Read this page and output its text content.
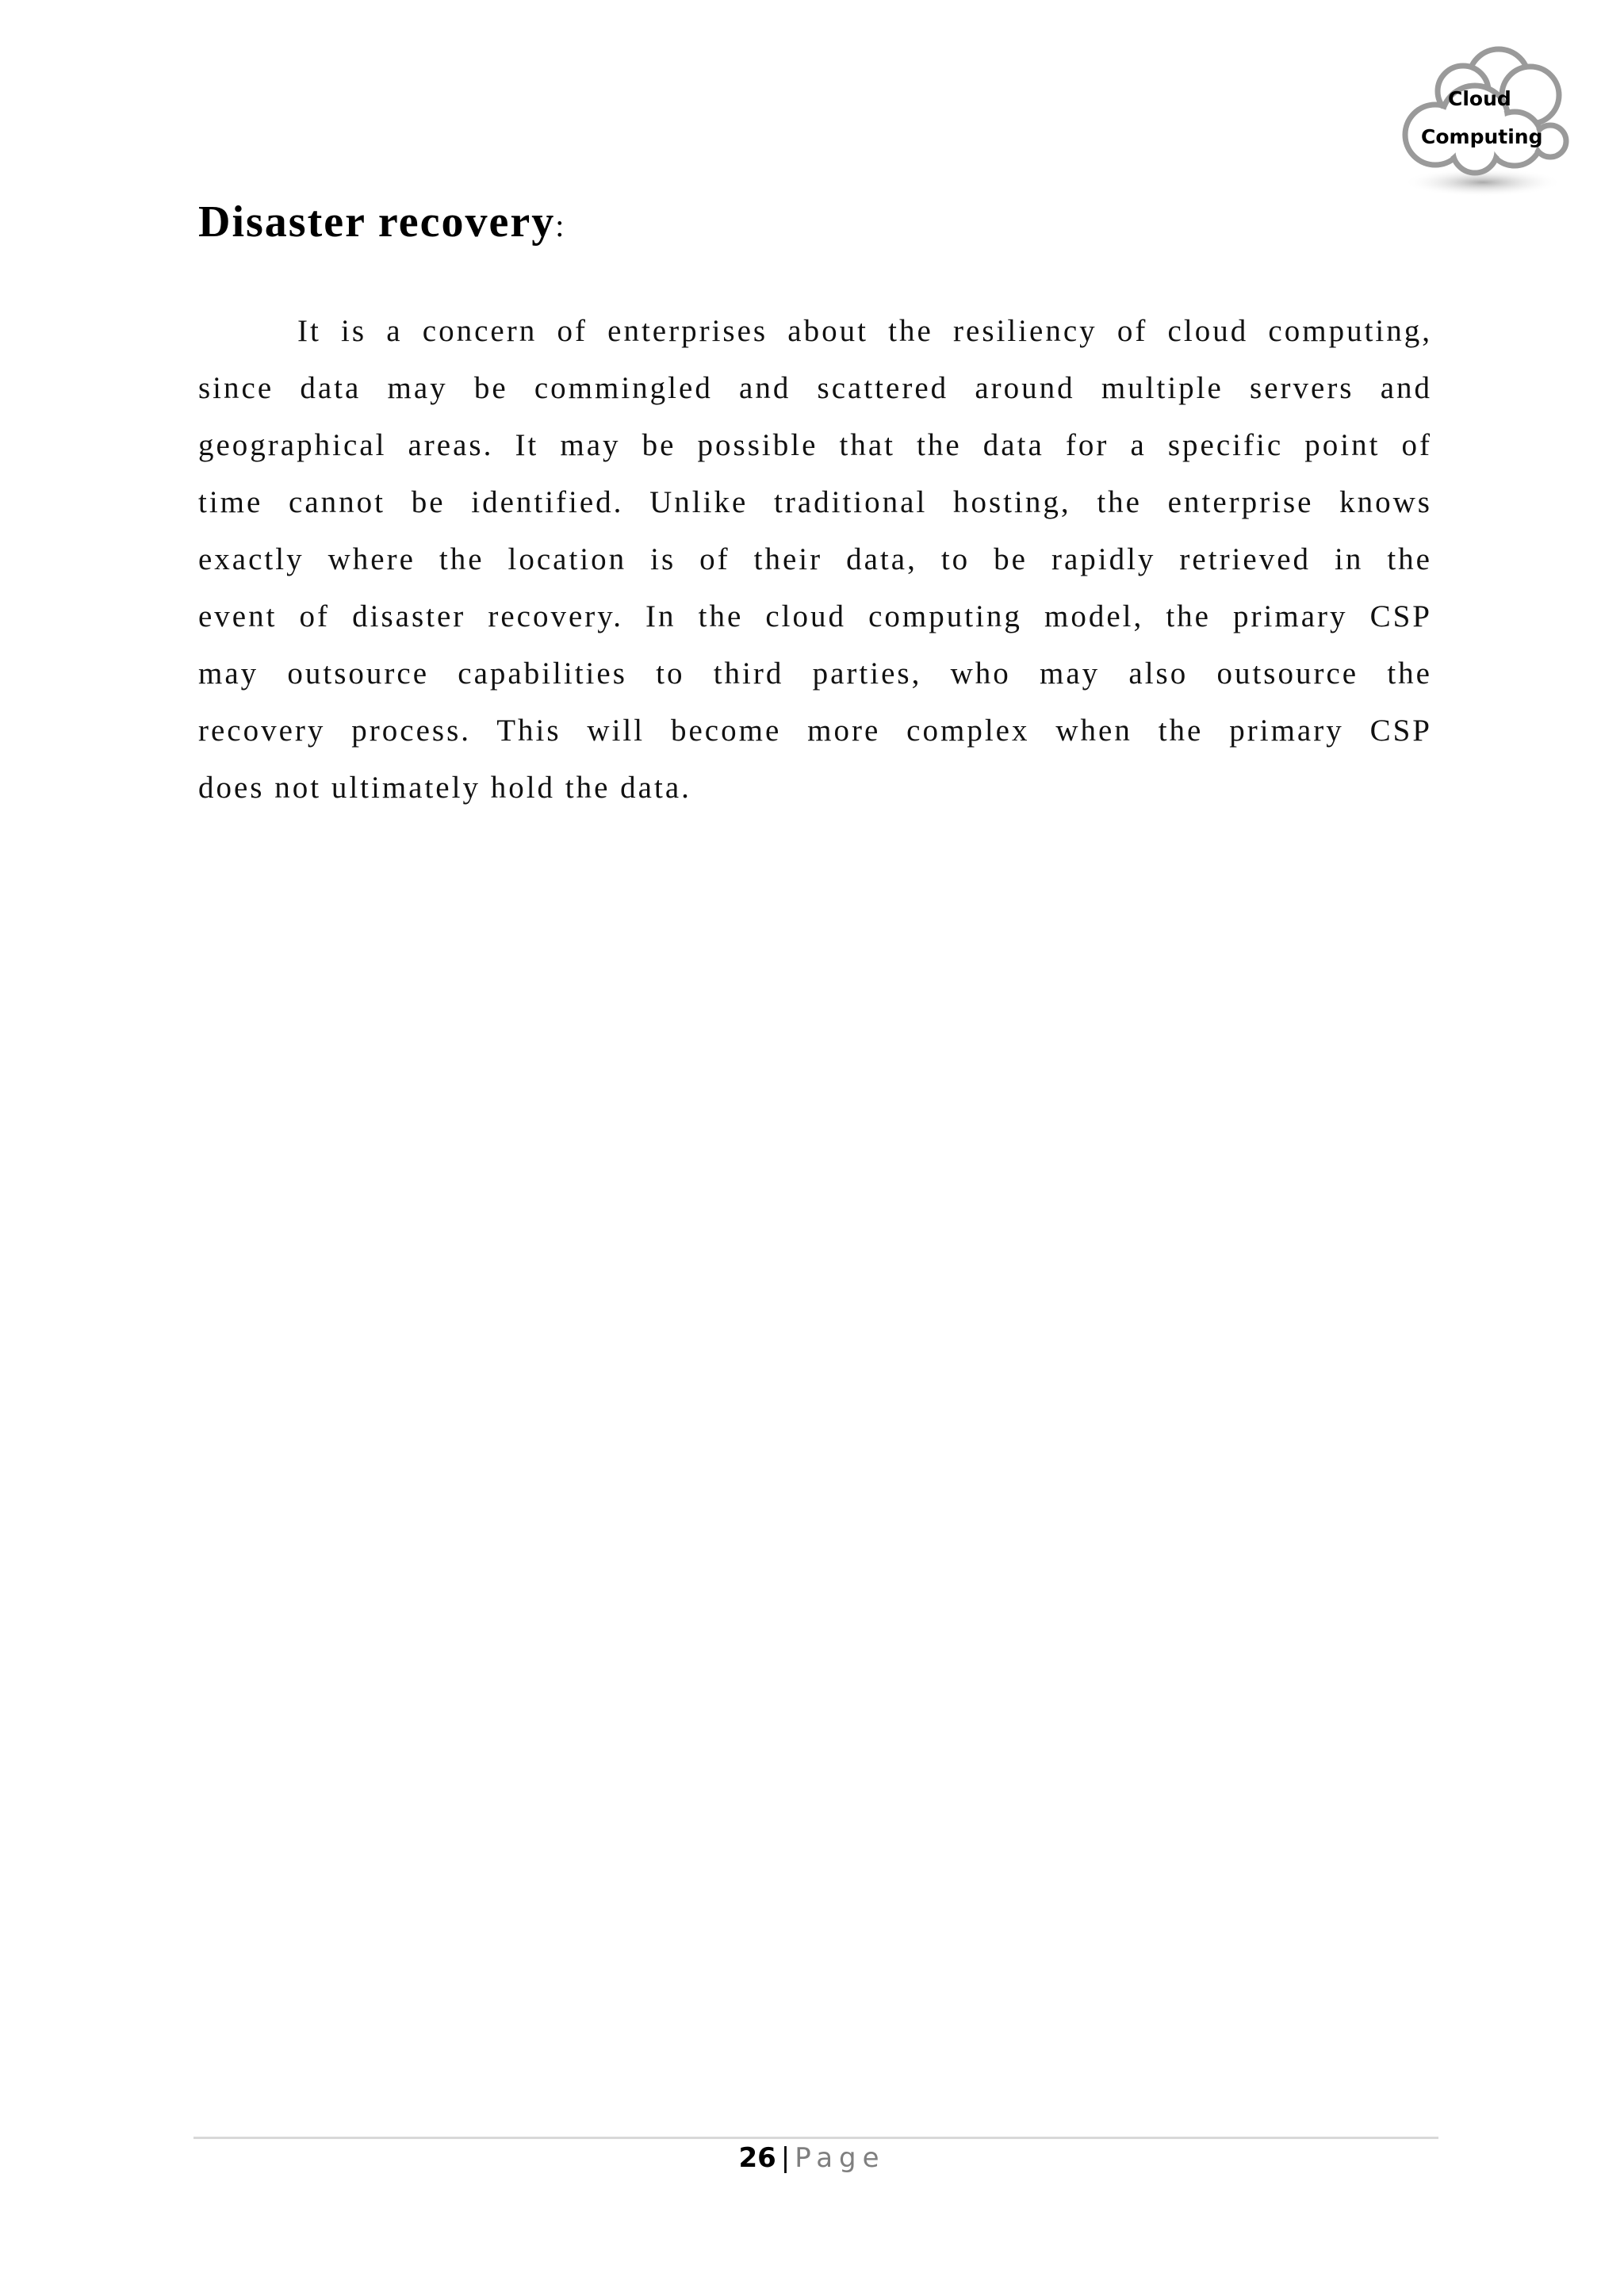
Cloud
Computing
Disaster recovery:
It is a concern of enterprises about the resiliency of cloud computing,
since data may be commingled and scattered around multiple servers and
geographical areas. It may be possible that the data for a specific point of
time cannot be identified. Unlike traditional hosting, the enterprise knows
exactly where the location is of their data, to be rapidly retrieved in the
event of disaster recovery. In the cloud computing model, the primary CSP
may outsource capabilities to third parties, who may also outsource the
recovery process. This will become more complex when the primary CSP
does not ultimately hold the data.
26 | Page
